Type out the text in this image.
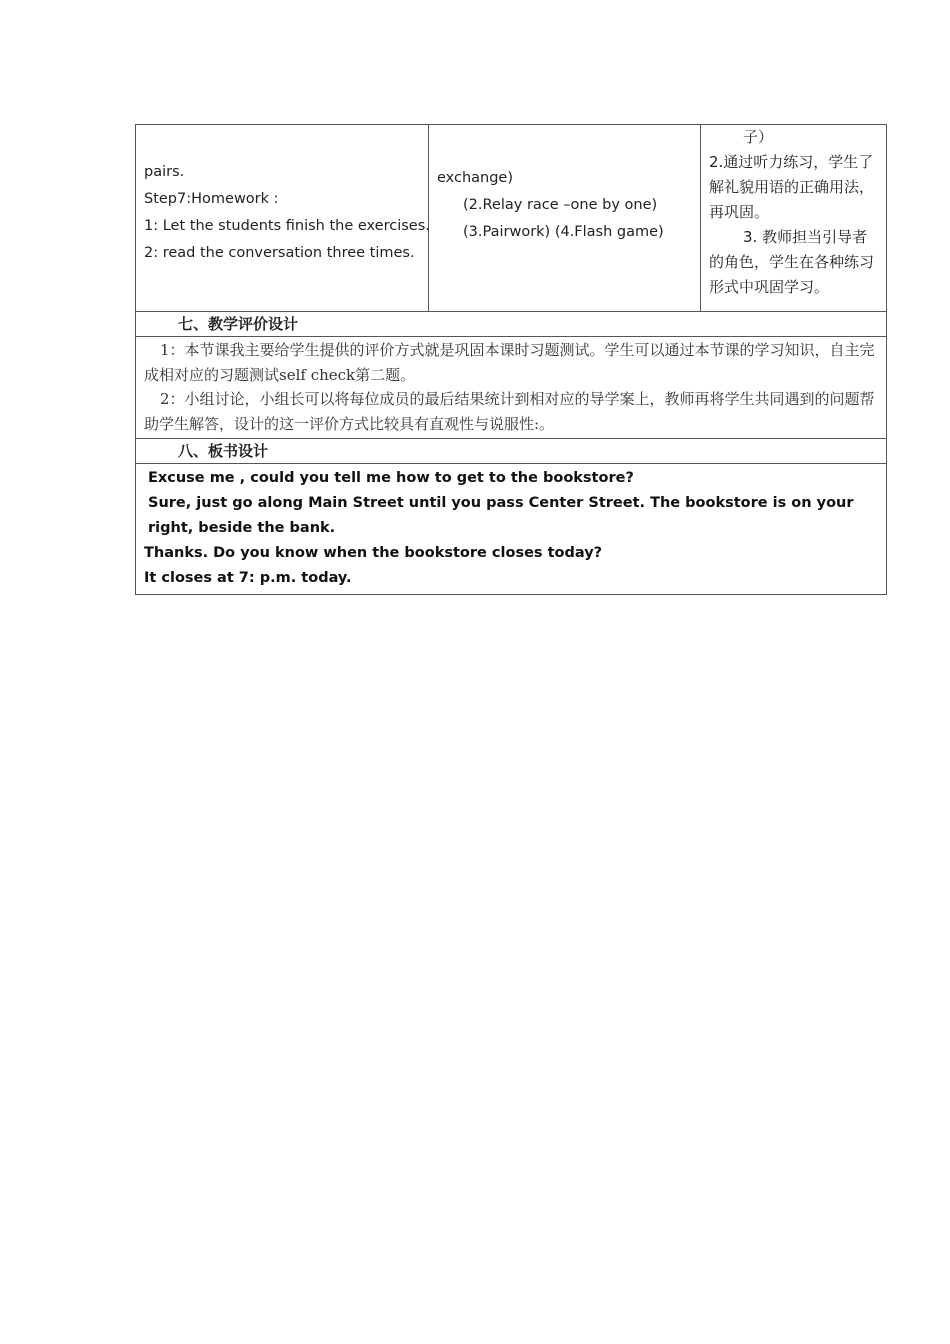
pairs.
Step7:Homework :
1: Let the students finish the exercises.
2: read the conversation three times.
exchange)
(2.Relay race –one by one)
(3.Pairwork) (4.Flash game)
子）
2.通过听力练习，学生了解礼貌用语的正确用法，再巩固。
3. 教师担当引导者的角色，学生在各种练习形式中巩固学习。
七、教学评价设计

1：本节课我主要给学生提供的评价方式就是巩固本课时习题测试。学生可以通过本节课的学习知识，自主完成相对应的习题测试self check第二题。

2：小组讨论，小组长可以将每位成员的最后结果统计到相对应的导学案上，教师再将学生共同遇到的问题帮助学生解答，设计的这一评价方式比较具有直观性与说服性:。

八、板书设计

Excuse me , could you tell me how to get to the bookstore?

Sure, just go along Main Street until you pass Center Street. The bookstore is on your right, beside the bank.

Thanks. Do you know when the bookstore closes today?

It closes at 7: p.m. today.
